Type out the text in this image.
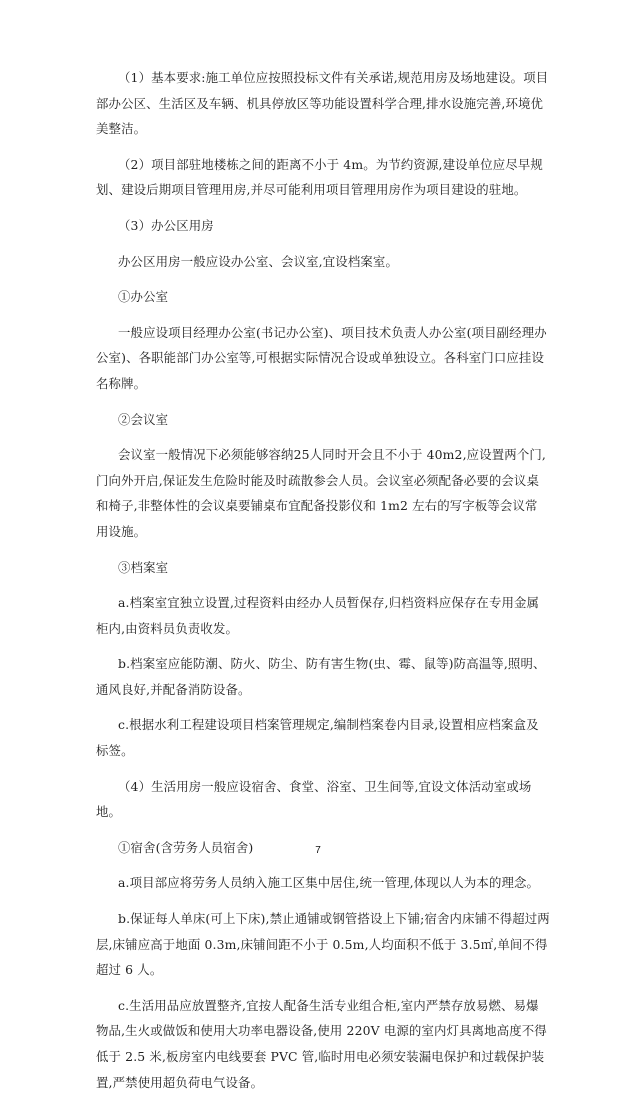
（1）基本要求:施工单位应按照投标文件有关承诺,规范用房及场地建设。项目部办公区、生活区及车辆、机具停放区等功能设置科学合理,排水设施完善,环境优美整洁。

（2）项目部驻地楼栋之间的距离不小于 4m。为节约资源,建设单位应尽早规划、建设后期项目管理用房,并尽可能利用项目管理用房作为项目建设的驻地。

（3）办公区用房

办公区用房一般应设办公室、会议室,宜设档案室。

①办公室

一般应设项目经理办公室(书记办公室)、项目技术负责人办公室(项目副经理办公室)、各职能部门办公室等,可根据实际情况合设或单独设立。各科室门口应挂设名称牌。

②会议室

会议室一般情况下必须能够容纳25人同时开会且不小于 40m2,应设置两个门,门向外开启,保证发生危险时能及时疏散参会人员。会议室必须配备必要的会议桌和椅子,非整体性的会议桌要铺桌布宜配备投影仪和 1m2 左右的写字板等会议常用设施。

③档案室

a.档案室宜独立设置,过程资料由经办人员暂保存,归档资料应保存在专用金属柜内,由资料员负责收发。

b.档案室应能防潮、防火、防尘、防有害生物(虫、霉、鼠等)防高温等,照明、通风良好,并配备消防设备。

c.根据水利工程建设项目档案管理规定,编制档案卷内目录,设置相应档案盒及标签。

（4）生活用房一般应设宿舍、食堂、浴室、卫生间等,宜设文体活动室或场地。

①宿舍(含劳务人员宿舍)

a.项目部应将劳务人员纳入施工区集中居住,统一管理,体现以人为本的理念。

b.保证每人单床(可上下床),禁止通铺或钢管搭设上下铺;宿舍内床铺不得超过两层,床铺应高于地面 0.3m,床铺间距不小于 0.5m,人均面积不低于 3.5㎡,单间不得超过 6 人。

c.生活用品应放置整齐,宜按人配备生活专业组合柜,室内严禁存放易燃、易爆物品,生火或做饭和使用大功率电器设备,使用 220V 电源的室内灯具离地高度不得低于 2.5 米,板房室内电线要套 PVC 管,临时用电必须安装漏电保护和过载保护装置,严禁使用超负荷电气设备。

7
